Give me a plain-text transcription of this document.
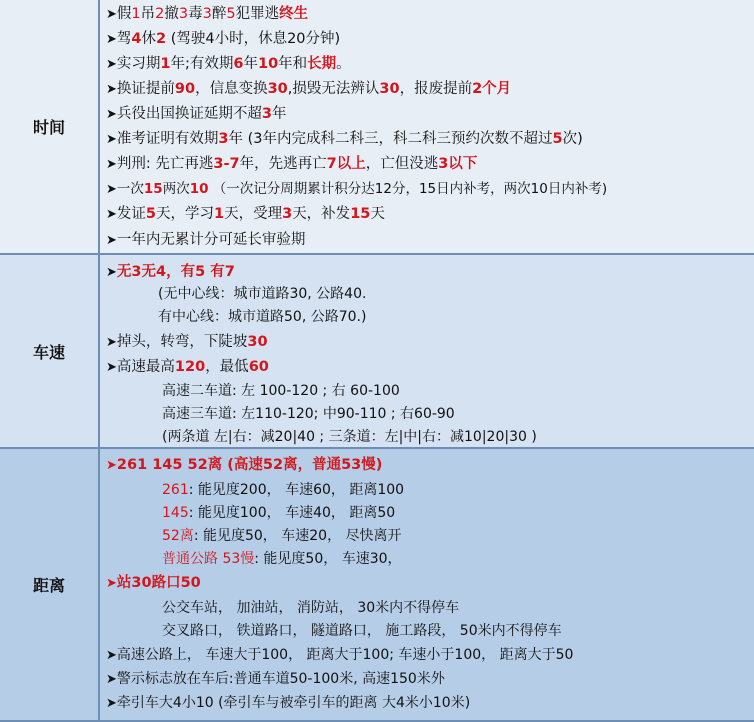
时间
➤假1吊2撤3毒3醉5犯罪逃终生
➤驾4休2 (驾驶4小时，休息20分钟)
➤实习期1年;有效期6年10年和长期。
➤换证提前90，信息变换30,损毁无法辨认30，报废提前2个月
➤兵役出国换证延期不超3年
➤准考证明有效期3年 (3年内完成科二科三，科二科三预约次数不超过5次)
➤判刑: 先亡再逃3-7年，先逃再亡7以上，亡但没逃3以下
➤一次15两次10 （一次记分周期累计积分达12分，15日内补考，两次10日内补考)
➤发证5天，学习1天，受理3天，补发15天
➤一年内无累计分可延长审验期
车速
➤无3无4，有5 有7
(无中心线：城市道路30, 公路40.
有中心线：城市道路50, 公路70.)
➤掉头，转弯，下陡坡30
➤高速最高120，最低60
高速二车道: 左 100-120 ; 右 60-100
高速三车道: 左110-120; 中90-110 ; 右60-90
(两条道 左|右：减20|40 ; 三条道：左|中|右：减10|20|30 )
距离
➤261 145 52离 (高速52离，普通53慢)
261: 能见度200， 车速60， 距离100
145: 能见度100， 车速40， 距离50
52离: 能见度50， 车速20， 尽快离开
普通公路 53慢: 能见度50， 车速30，
➤站30路口50
公交车站， 加油站， 消防站， 30米内不得停车
交叉路口， 铁道路口， 隧道路口， 施工路段， 50米内不得停车
➤高速公路上， 车速大于100， 距离大于100; 车速小于100， 距离大于50
➤警示标志放在车后:普通车道50-100米, 高速150米外
➤牵引车大4小10 (牵引车与被牵引车的距离 大4米小10米)
